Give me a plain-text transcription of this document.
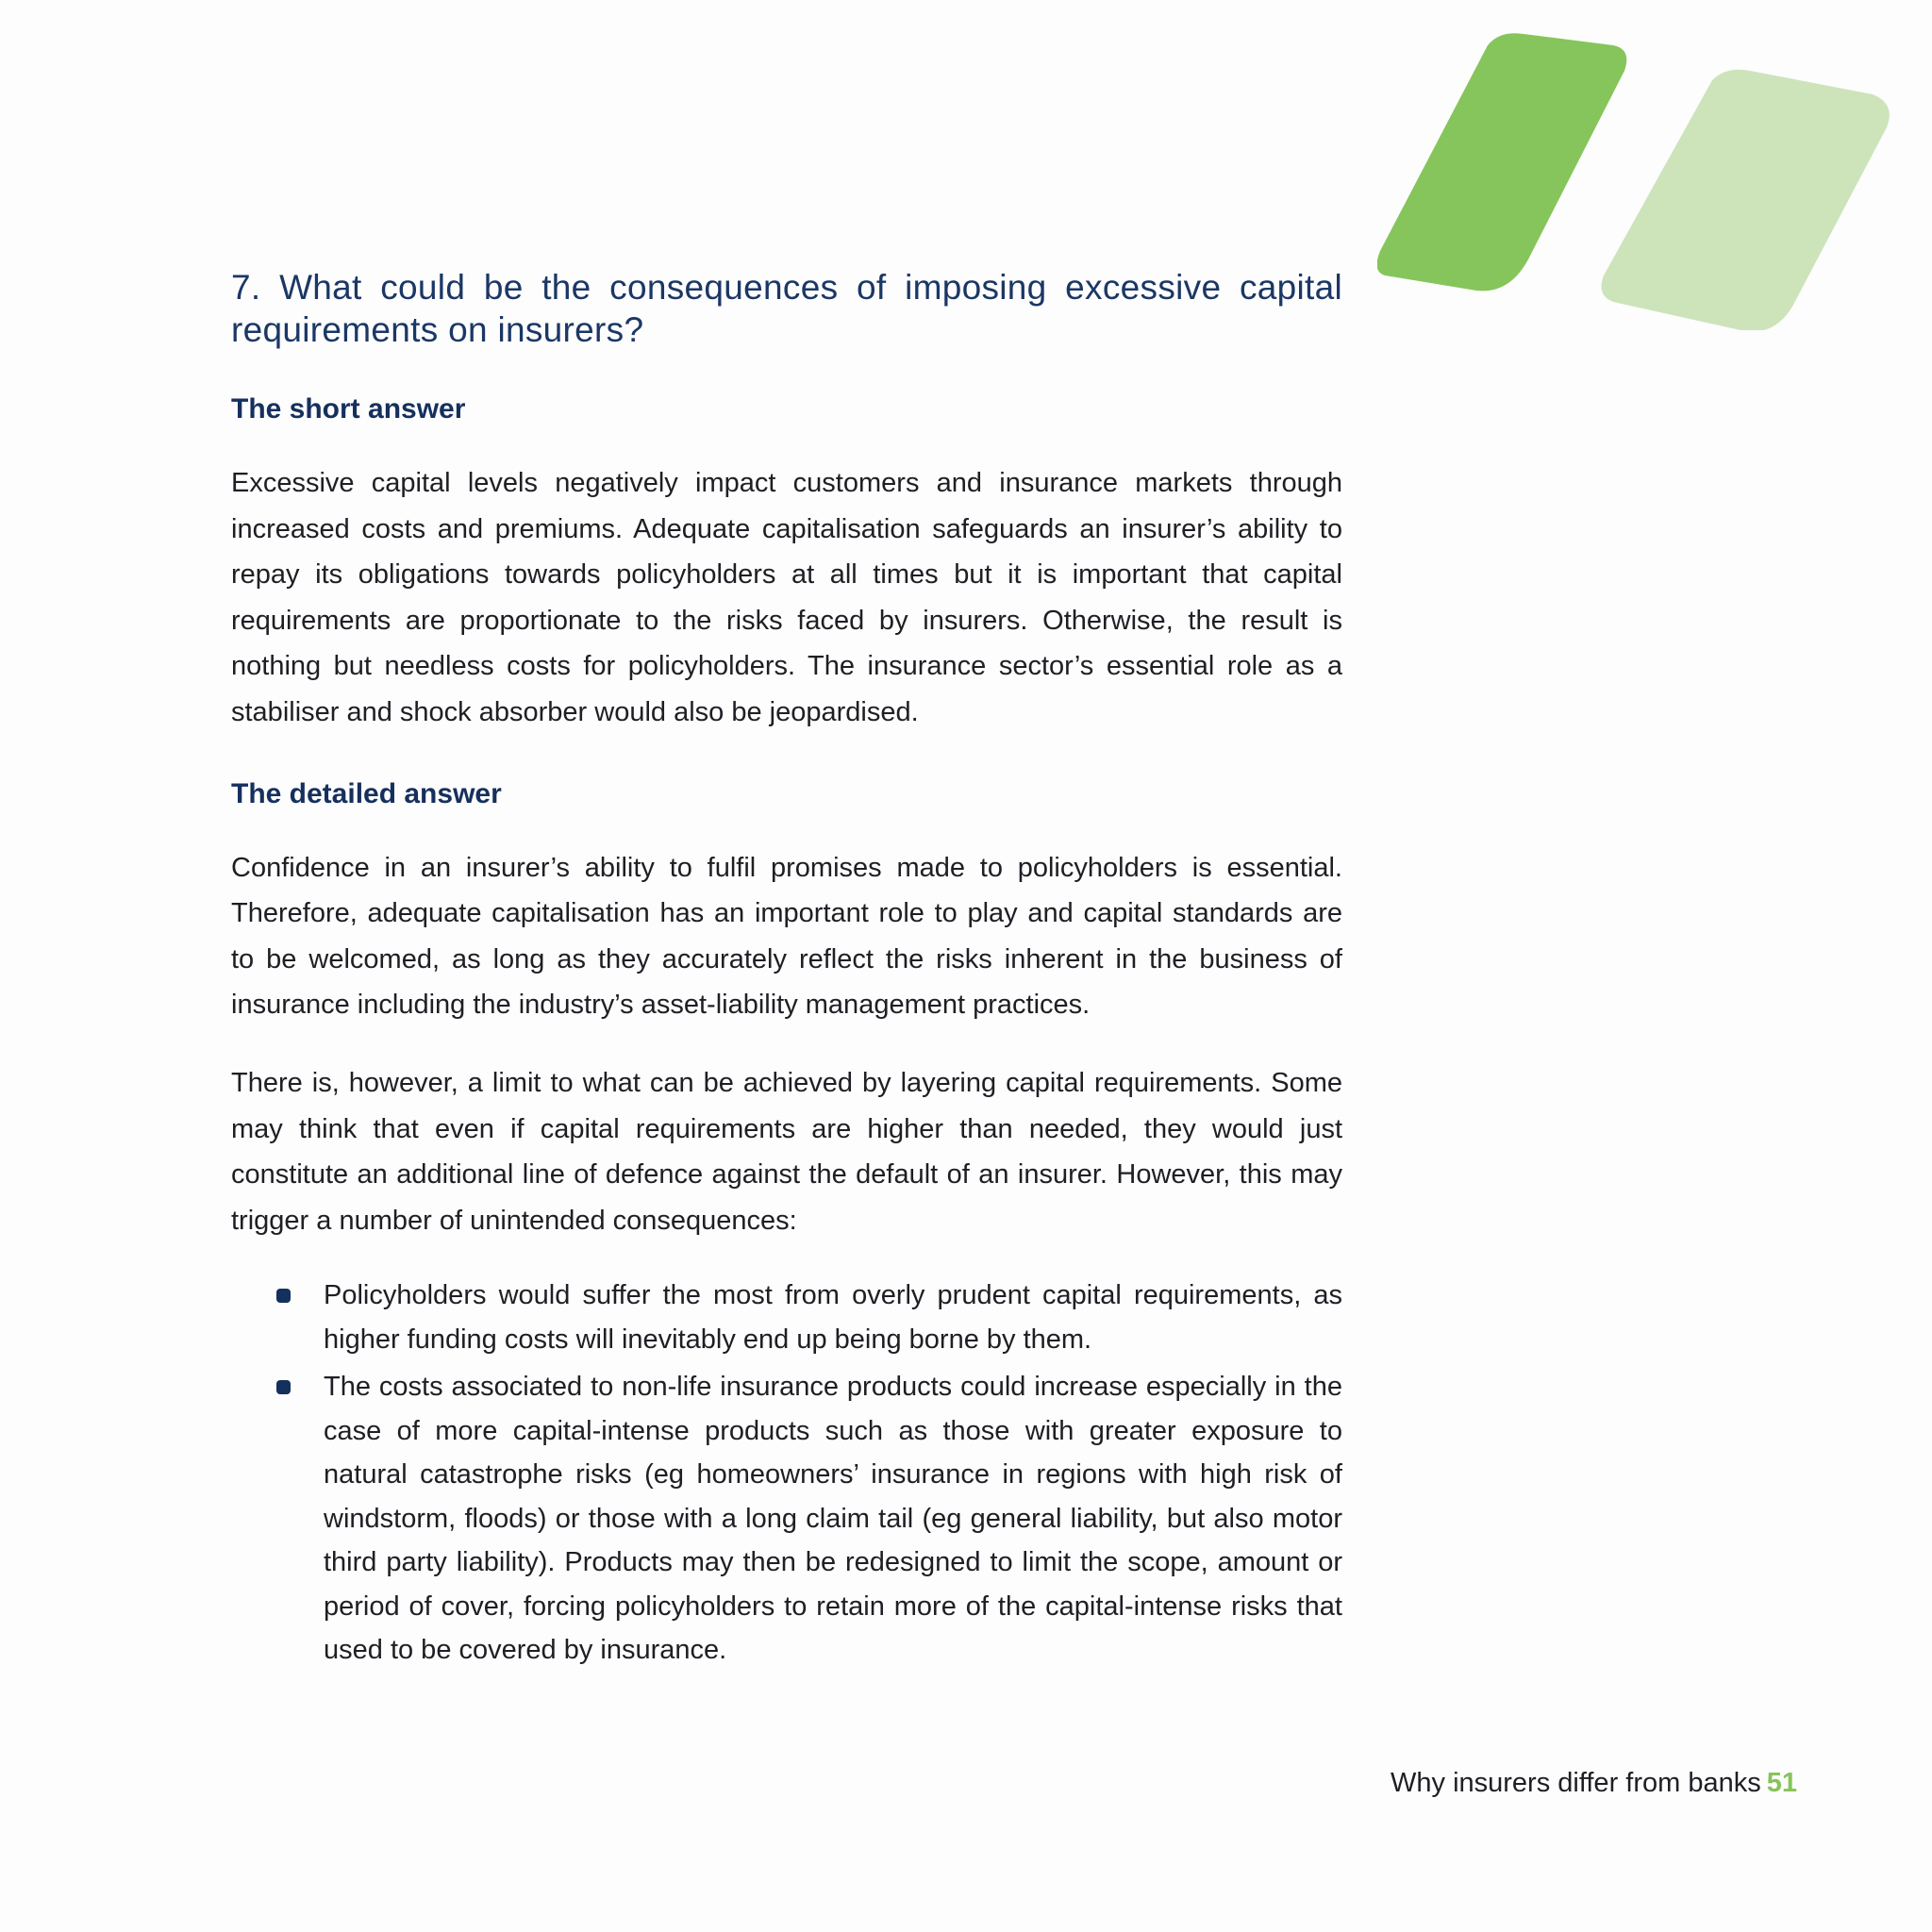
7. What could be the consequences of imposing excessive capital requirements on insurers?
The short answer

Excessive capital levels negatively impact customers and insurance markets through increased costs and premiums. Adequate capitalisation safeguards an insurer’s ability to repay its obligations towards policyholders at all times but it is important that capital requirements are proportionate to the risks faced by insurers. Otherwise, the result is nothing but needless costs for policyholders. The insurance sector’s essential role as a stabiliser and shock absorber would also be jeopardised.

The detailed answer

Confidence in an insurer’s ability to fulfil promises made to policyholders is essential. Therefore, adequate capitalisation has an important role to play and capital standards are to be welcomed, as long as they accurately reflect the risks inherent in the business of insurance including the industry’s asset-liability management practices.

There is, however, a limit to what can be achieved by layering capital requirements. Some may think that even if capital requirements are higher than needed, they would just constitute an additional line of defence against the default of an insurer. However, this may trigger a number of unintended consequences:

Policyholders would suffer the most from overly prudent capital requirements, as higher funding costs will inevitably end up being borne by them.
The costs associated to non-life insurance products could increase especially in the case of more capital-intense products such as those with greater exposure to natural catastrophe risks (eg homeowners’ insurance in regions with high risk of windstorm, floods) or those with a long claim tail (eg general liability, but also motor third party liability). Products may then be redesigned to limit the scope, amount or period of cover, forcing policyholders to retain more of the capital-intense risks that used to be covered by insurance.
Why insurers differ from banks 51
